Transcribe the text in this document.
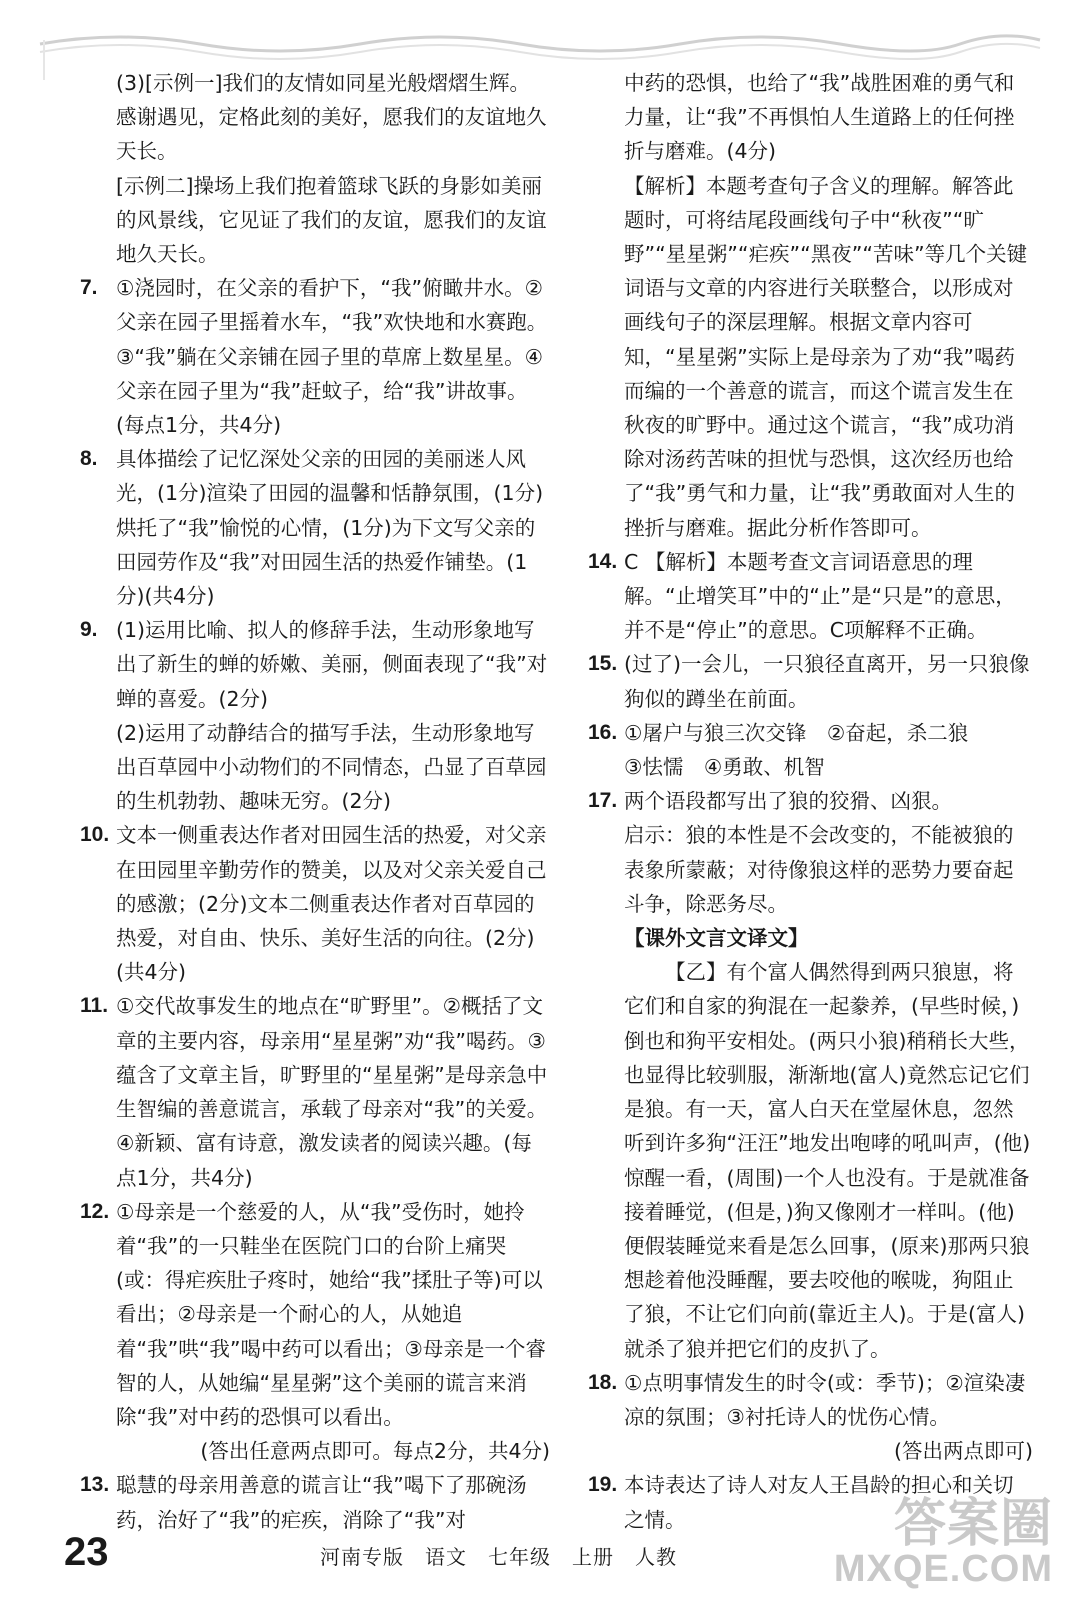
(3)[示例一]我们的友情如同星光般熠熠生辉。感谢遇见，定格此刻的美好，愿我们的友谊地久天长。
[示例二]操场上我们抱着篮球飞跃的身影如美丽的风景线，它见证了我们的友谊，愿我们的友谊地久天长。
7. ①浇园时，在父亲的看护下，“我”俯瞰井水。②父亲在园子里摇着水车，“我”欢快地和水赛跑。③“我”躺在父亲铺在园子里的草席上数星星。④父亲在园子里为“我”赶蚊子，给“我”讲故事。(每点1分，共4分)
8. 具体描绘了记忆深处父亲的田园的美丽迷人风光，(1分)渲染了田园的温馨和恬静氛围，(1分)烘托了“我”愉悦的心情，(1分)为下文写父亲的田园劳作及“我”对田园生活的热爱作铺垫。(1分)(共4分)
9. (1)运用比喻、拟人的修辞手法，生动形象地写出了新生的蝉的娇嫩、美丽，侧面表现了“我”对蝉的喜爱。(2分)
(2)运用了动静结合的描写手法，生动形象地写出百草园中小动物们的不同情态，凸显了百草园的生机勃勃、趣味无穷。(2分)
10. 文本一侧重表达作者对田园生活的热爱，对父亲在田园里辛勤劳作的赞美，以及对父亲关爱自己的感激；(2分)文本二侧重表达作者对百草园的热爱，对自由、快乐、美好生活的向往。(2分)(共4分)
11. ①交代故事发生的地点在“旷野里”。②概括了文章的主要内容，母亲用“星星粥”劝“我”喝药。③蕴含了文章主旨，旷野里的“星星粥”是母亲急中生智编的善意谎言，承载了母亲对“我”的关爱。④新颖、富有诗意，激发读者的阅读兴趣。(每点1分，共4分)
12. ①母亲是一个慈爱的人，从“我”受伤时，她拎着“我”的一只鞋坐在医院门口的台阶上痛哭(或：得疟疾肚子疼时，她给“我”揉肚子等)可以看出；②母亲是一个耐心的人，从她追着“我”哄“我”喝中药可以看出；③母亲是一个睿智的人，从她编“星星粥”这个美丽的谎言来消除“我”对中药的恐惧可以看出。
(答出任意两点即可。每点2分，共4分)
13. 聪慧的母亲用善意的谎言让“我”喝下了那碗汤药，治好了“我”的疟疾，消除了“我”对
中药的恐惧，也给了“我”战胜困难的勇气和力量，让“我”不再惧怕人生道路上的任何挫折与磨难。(4分)
【解析】本题考查句子含义的理解。解答此题时，可将结尾段画线句子中“秋夜”“旷野”“星星粥”“疟疾”“黑夜”“苦味”等几个关键词语与文章的内容进行关联整合，以形成对画线句子的深层理解。根据文章内容可知，“星星粥”实际上是母亲为了劝“我”喝药而编的一个善意的谎言，而这个谎言发生在秋夜的旷野中。通过这个谎言，“我”成功消除对汤药苦味的担忧与恐惧，这次经历也给了“我”勇气和力量，让“我”勇敢面对人生的挫折与磨难。据此分析作答即可。
14. C 【解析】本题考查文言词语意思的理解。“止增笑耳”中的“止”是“只是”的意思，并不是“停止”的意思。C项解释不正确。
15. (过了)一会儿，一只狼径直离开，另一只狼像狗似的蹲坐在前面。
16. ①屠户与狼三次交锋　②奋起，杀二狼
③怯懦　④勇敢、机智
17. 两个语段都写出了狼的狡猾、凶狠。
启示：狼的本性是不会改变的，不能被狼的表象所蒙蔽；对待像狼这样的恶势力要奋起斗争，除恶务尽。
【课外文言文译文】
【乙】有个富人偶然得到两只狼崽，将它们和自家的狗混在一起豢养，(早些时候，)倒也和狗平安相处。(两只小狼)稍稍长大些，也显得比较驯服，渐渐地(富人)竟然忘记它们是狼。有一天，富人白天在堂屋休息，忽然听到许多狗“汪汪”地发出咆哮的吼叫声，(他)惊醒一看，(周围)一个人也没有。于是就准备接着睡觉，(但是，)狗又像刚才一样叫。(他)便假装睡觉来看是怎么回事，(原来)那两只狼想趁着他没睡醒，要去咬他的喉咙，狗阻止了狼，不让它们向前(靠近主人)。于是(富人)就杀了狼并把它们的皮扒了。
18. ①点明事情发生的时令(或：季节)；②渲染凄凉的氛围；③衬托诗人的忧伤心情。
(答出两点即可)
19. 本诗表达了诗人对友人王昌龄的担心和关切之情。
23	河南专版　语文　七年级　上册　人教
答案圈
MXQE.COM
